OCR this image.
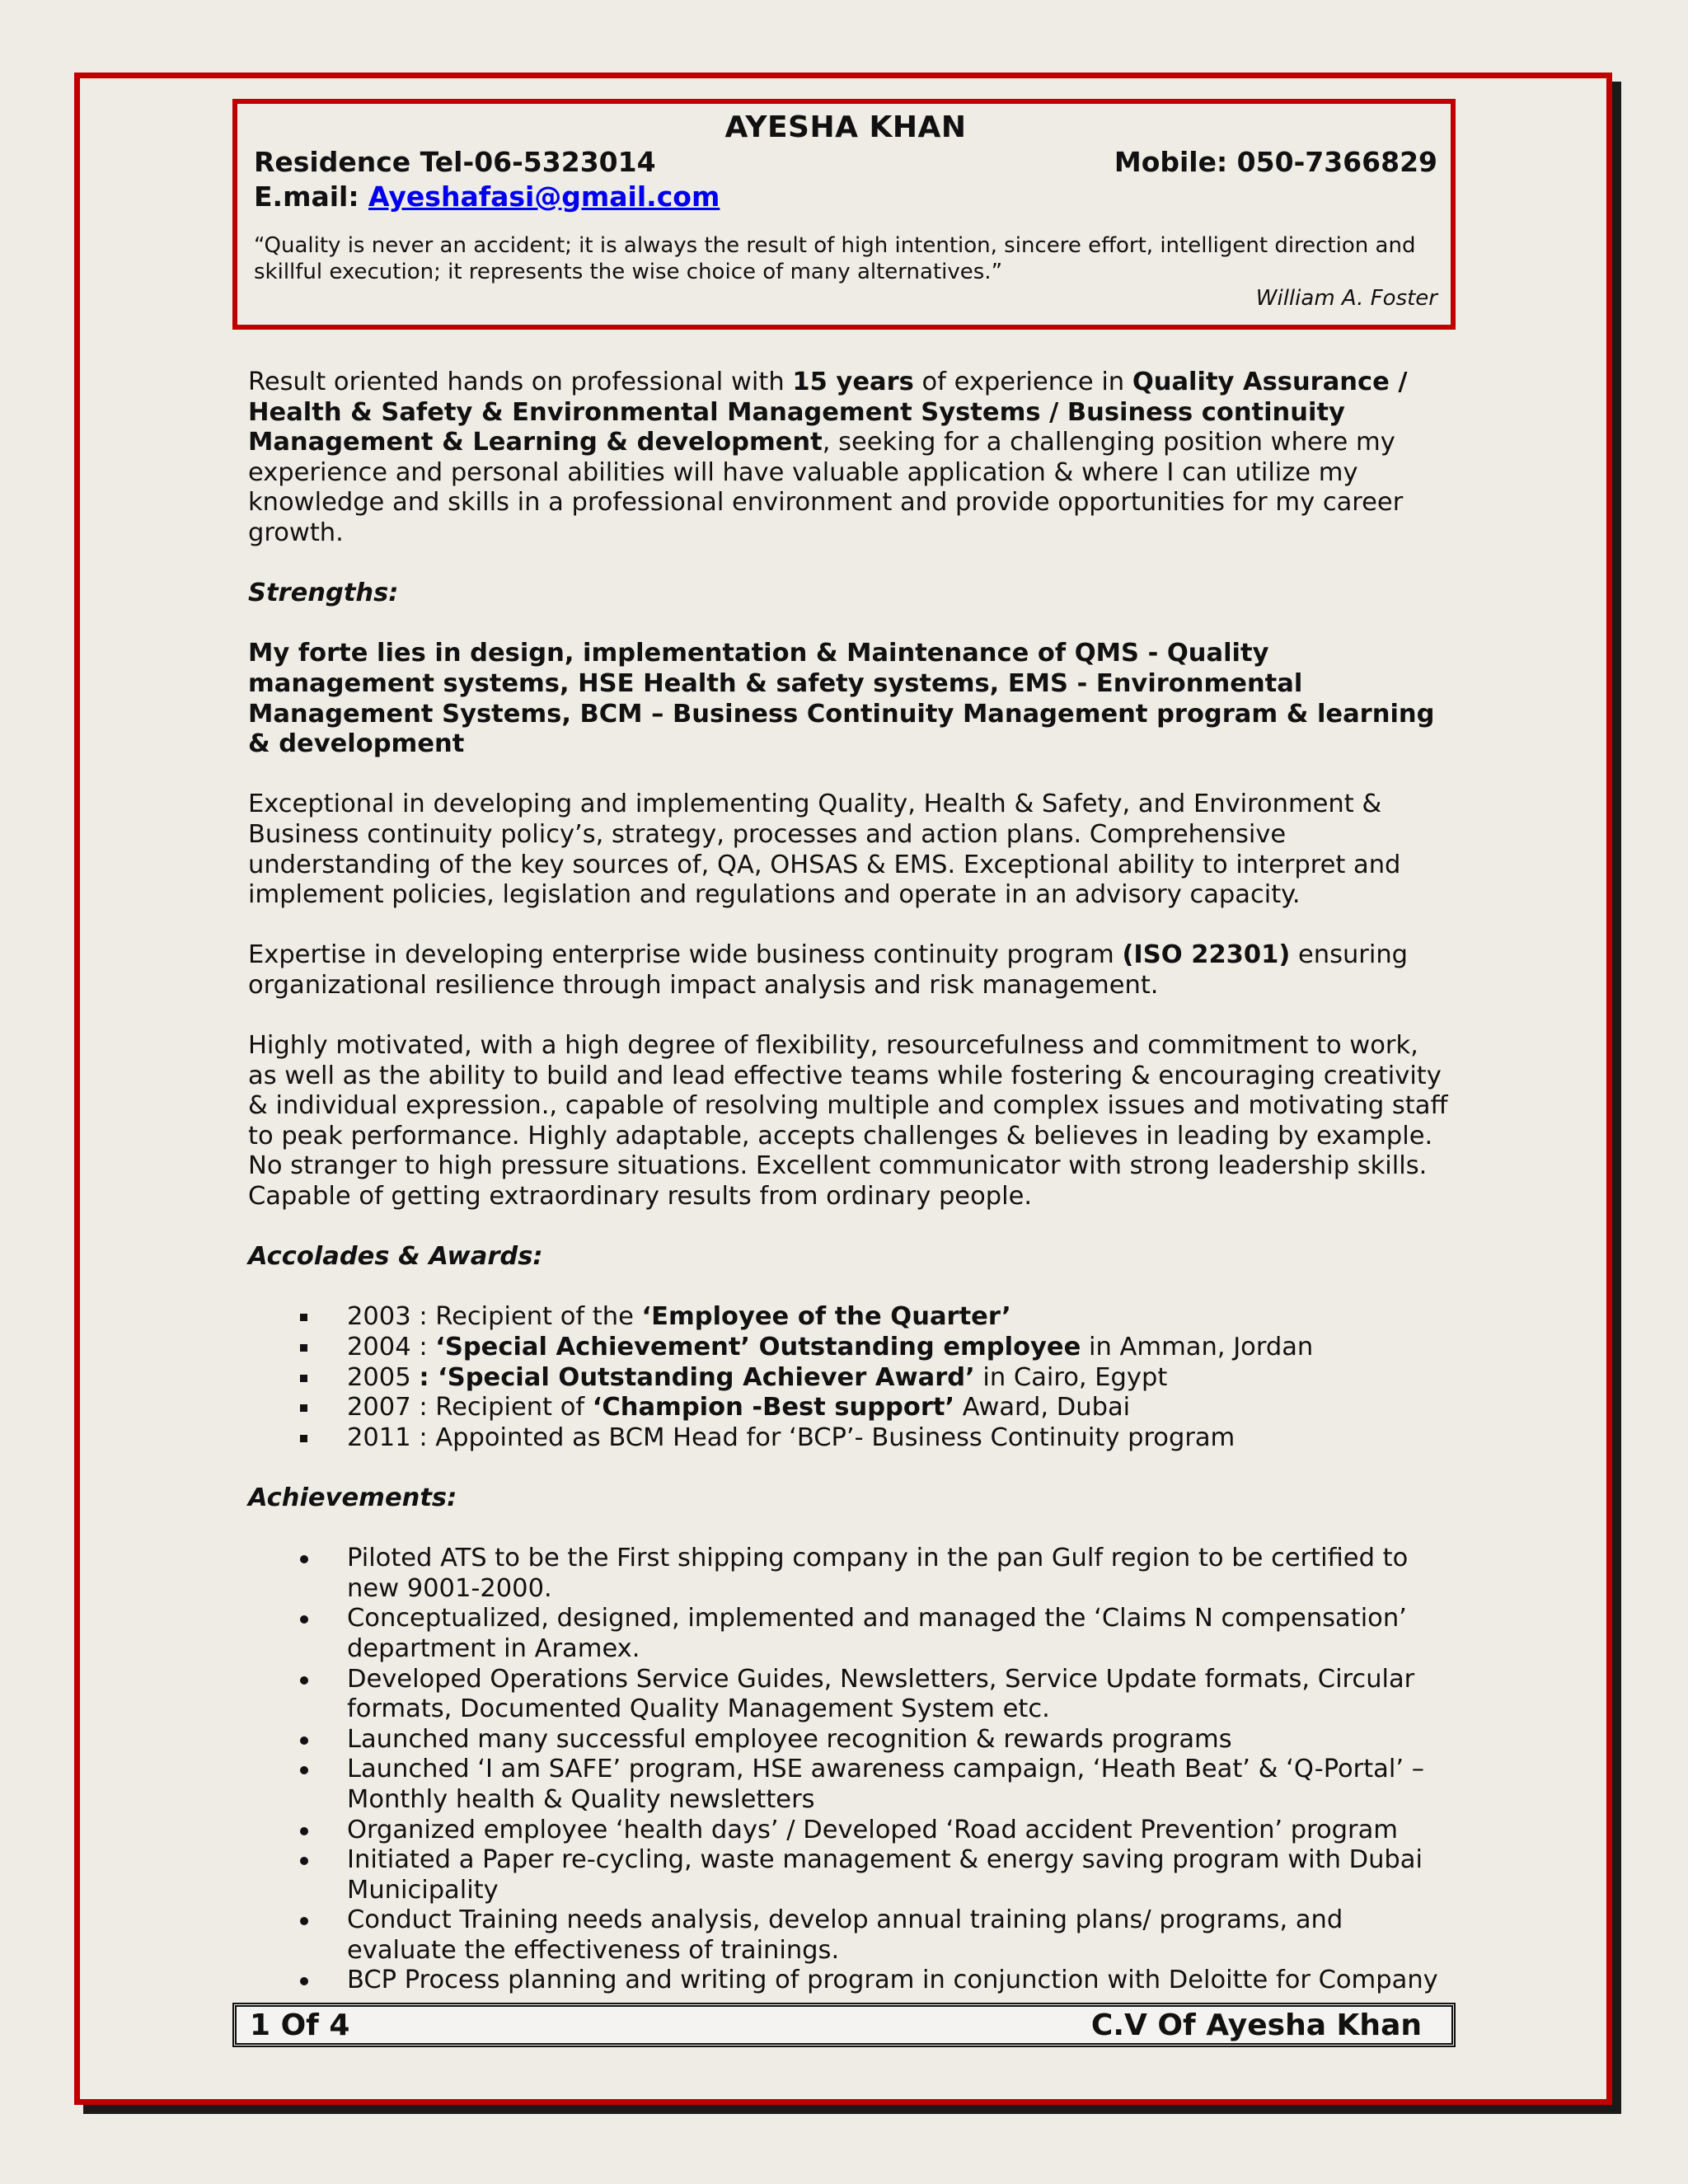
AYESHA KHAN
Residence Tel-06-5323014	Mobile: 050-7366829
E.mail: Ayeshafasi@gmail.com
“Quality is never an accident; it is always the result of high intention, sincere effort, intelligent direction and skillful execution; it represents the wise choice of many alternatives.”
William A. Foster

Result oriented hands on professional with 15 years of experience in Quality Assurance / Health & Safety & Environmental Management Systems / Business continuity Management & Learning & development, seeking for a challenging position where my experience and personal abilities will have valuable application & where I can utilize my knowledge and skills in a professional environment and provide opportunities for my career growth.

Strengths:

My forte lies in design, implementation & Maintenance of QMS - Quality management systems, HSE Health & safety systems, EMS - Environmental Management Systems, BCM – Business Continuity Management program & learning & development

Exceptional in developing and implementing Quality, Health & Safety, and Environment & Business continuity policy’s, strategy, processes and action plans. Comprehensive understanding of the key sources of, QA, OHSAS & EMS. Exceptional ability to interpret and implement policies, legislation and regulations and operate in an advisory capacity.

Expertise in developing enterprise wide business continuity program (ISO 22301) ensuring organizational resilience through impact analysis and risk management.

Highly motivated, with a high degree of flexibility, resourcefulness and commitment to work, as well as the ability to build and lead effective teams while fostering & encouraging creativity & individual expression., capable of resolving multiple and complex issues and motivating staff to peak performance. Highly adaptable, accepts challenges & believes in leading by example. No stranger to high pressure situations. Excellent communicator with strong leadership skills. Capable of getting extraordinary results from ordinary people.

Accolades & Awards:
2003 : Recipient of the ‘Employee of the Quarter’
2004 : ‘Special Achievement’ Outstanding employee in Amman, Jordan
2005 : ‘Special Outstanding Achiever Award’ in Cairo, Egypt
2007 : Recipient of ‘Champion -Best support’ Award, Dubai
2011 : Appointed as BCM Head for ‘BCP’- Business Continuity program
Achievements:
Piloted ATS to be the First shipping company in the pan Gulf region to be certified to new 9001-2000.
Conceptualized, designed, implemented and managed the ‘Claims N compensation’ department in Aramex.
Developed Operations Service Guides, Newsletters, Service Update formats, Circular formats, Documented Quality Management System etc.
Launched many successful employee recognition & rewards programs
Launched ‘I am SAFE’ program, HSE awareness campaign, ‘Heath Beat’ & ‘Q-Portal’ – Monthly health & Quality newsletters
Organized employee ‘health days’ / Developed ‘Road accident Prevention’ program
Initiated a Paper re-cycling, waste management & energy saving program with Dubai Municipality
Conduct Training needs analysis, develop annual training plans/ programs, and evaluate the effectiveness of trainings.
BCP Process planning and writing of program in conjunction with Deloitte for Company
1 Of 4	C.V Of Ayesha Khan
